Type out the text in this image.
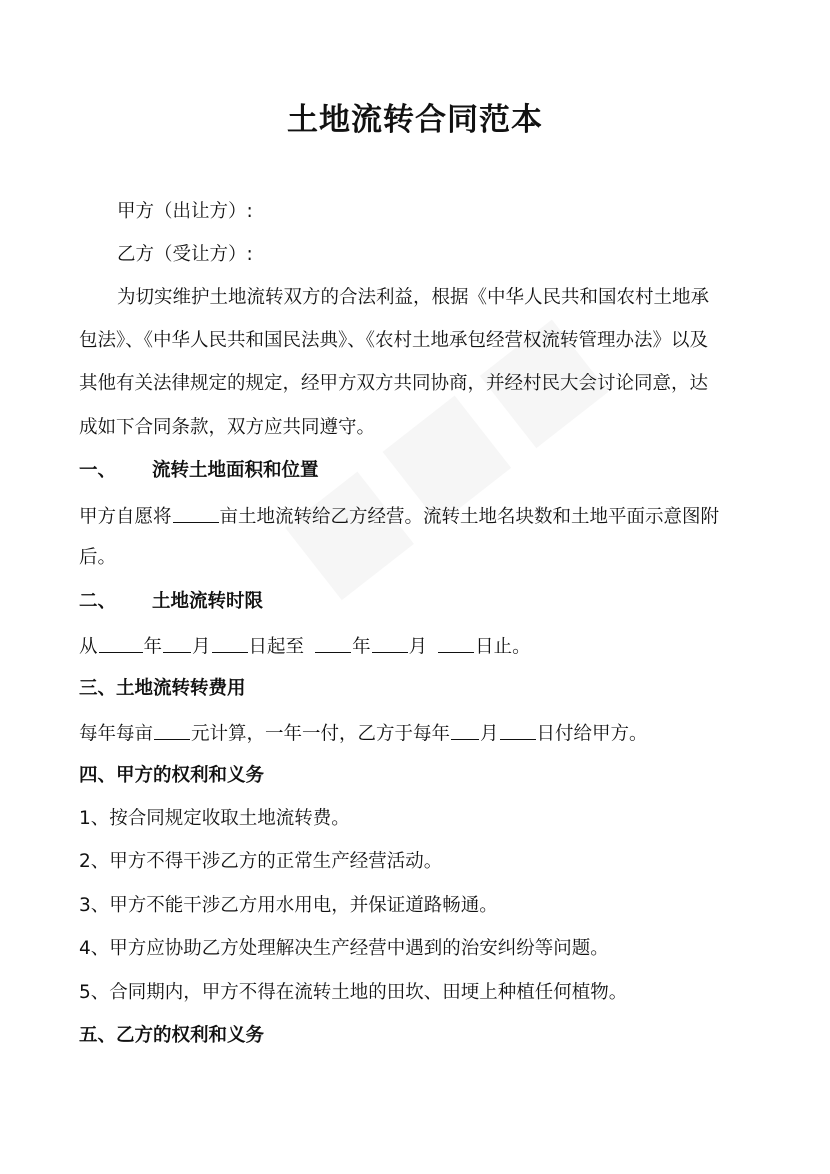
土地流转合同范本
甲方（出让方）:
乙方（受让方）:
为切实维护土地流转双方的合法利益，根据《中华人民共和国农村土地承
包法》、《中华人民共和国民法典》、《农村土地承包经营权流转管理办法》以及
其他有关法律规定的规定，经甲方双方共同协商，并经村民大会讨论同意，达
成如下合同条款，双方应共同遵守。
一、 流转土地面积和位置
甲方自愿将	亩土地流转给乙方经营。流转土地名块数和土地平面示意图附
后。
二、 土地流转时限
从 年 月 日起至	年 月	日止。
三、土地流转转费用
每年每亩 元计算，一年一付，乙方于每年 月 日付给甲方。
四、甲方的权利和义务
1、按合同规定收取土地流转费。
2、甲方不得干涉乙方的正常生产经营活动。
3、甲方不能干涉乙方用水用电，并保证道路畅通。
4、甲方应协助乙方处理解决生产经营中遇到的治安纠纷等问题。
5、合同期内，甲方不得在流转土地的田坎、田埂上种植任何植物。
五、乙方的权利和义务
